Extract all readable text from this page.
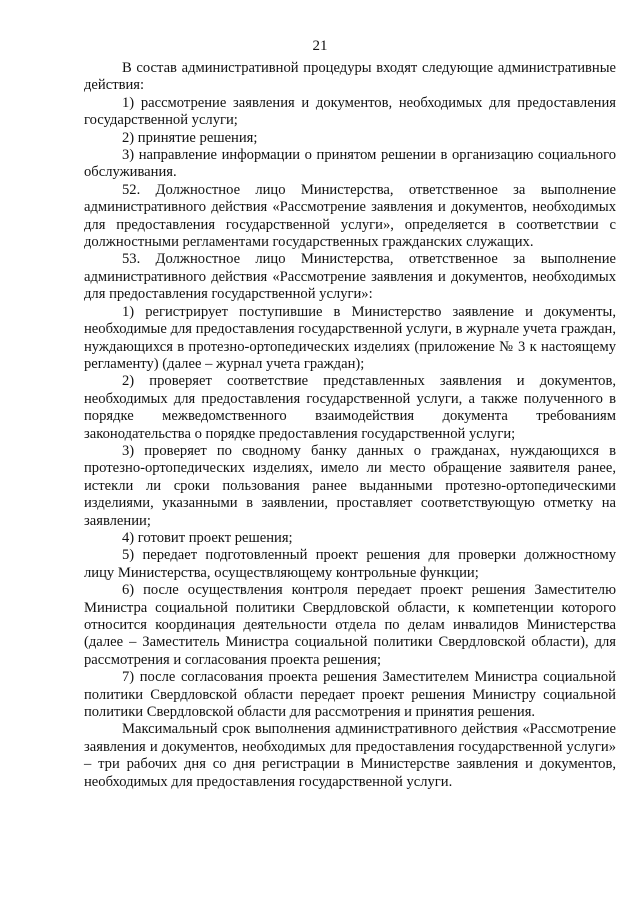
21

В состав административной процедуры входят следующие административные действия:

1) рассмотрение заявления и документов, необходимых для предоставления государственной услуги;

2) принятие решения;

3) направление информации о принятом решении в организацию социального обслуживания.

52. Должностное лицо Министерства, ответственное за выполнение административного действия «Рассмотрение заявления и документов, необходимых для предоставления государственной услуги», определяется в соответствии с должностными регламентами государственных гражданских служащих.

53. Должностное лицо Министерства, ответственное за выполнение административного действия «Рассмотрение заявления и документов, необходимых для предоставления государственной услуги»:

1) регистрирует поступившие в Министерство заявление и документы, необходимые для предоставления государственной услуги, в журнале учета граждан, нуждающихся в протезно-ортопедических изделиях (приложение № 3 к настоящему регламенту) (далее – журнал учета граждан);

2) проверяет соответствие представленных заявления и документов, необходимых для предоставления государственной услуги, а также полученного в порядке межведомственного взаимодействия документа требованиям законодательства о порядке предоставления государственной услуги;

3) проверяет по сводному банку данных о гражданах, нуждающихся в протезно-ортопедических изделиях, имело ли место обращение заявителя ранее, истекли ли сроки пользования ранее выданными протезно-ортопедическими изделиями, указанными в заявлении, проставляет соответствующую отметку на заявлении;

4) готовит проект решения;

5) передает подготовленный проект решения для проверки должностному лицу Министерства, осуществляющему контрольные функции;

6) после осуществления контроля передает проект решения Заместителю Министра социальной политики Свердловской области, к компетенции которого относится координация деятельности отдела по делам инвалидов Министерства (далее – Заместитель Министра социальной политики Свердловской области), для рассмотрения и согласования проекта решения;

7) после согласования проекта решения Заместителем Министра социальной политики Свердловской области передает проект решения Министру социальной политики Свердловской области для рассмотрения и принятия решения.

Максимальный срок выполнения административного действия «Рассмотрение заявления и документов, необходимых для предоставления государственной услуги» – три рабочих дня со дня регистрации в Министерстве заявления и документов, необходимых для предоставления государственной услуги.
